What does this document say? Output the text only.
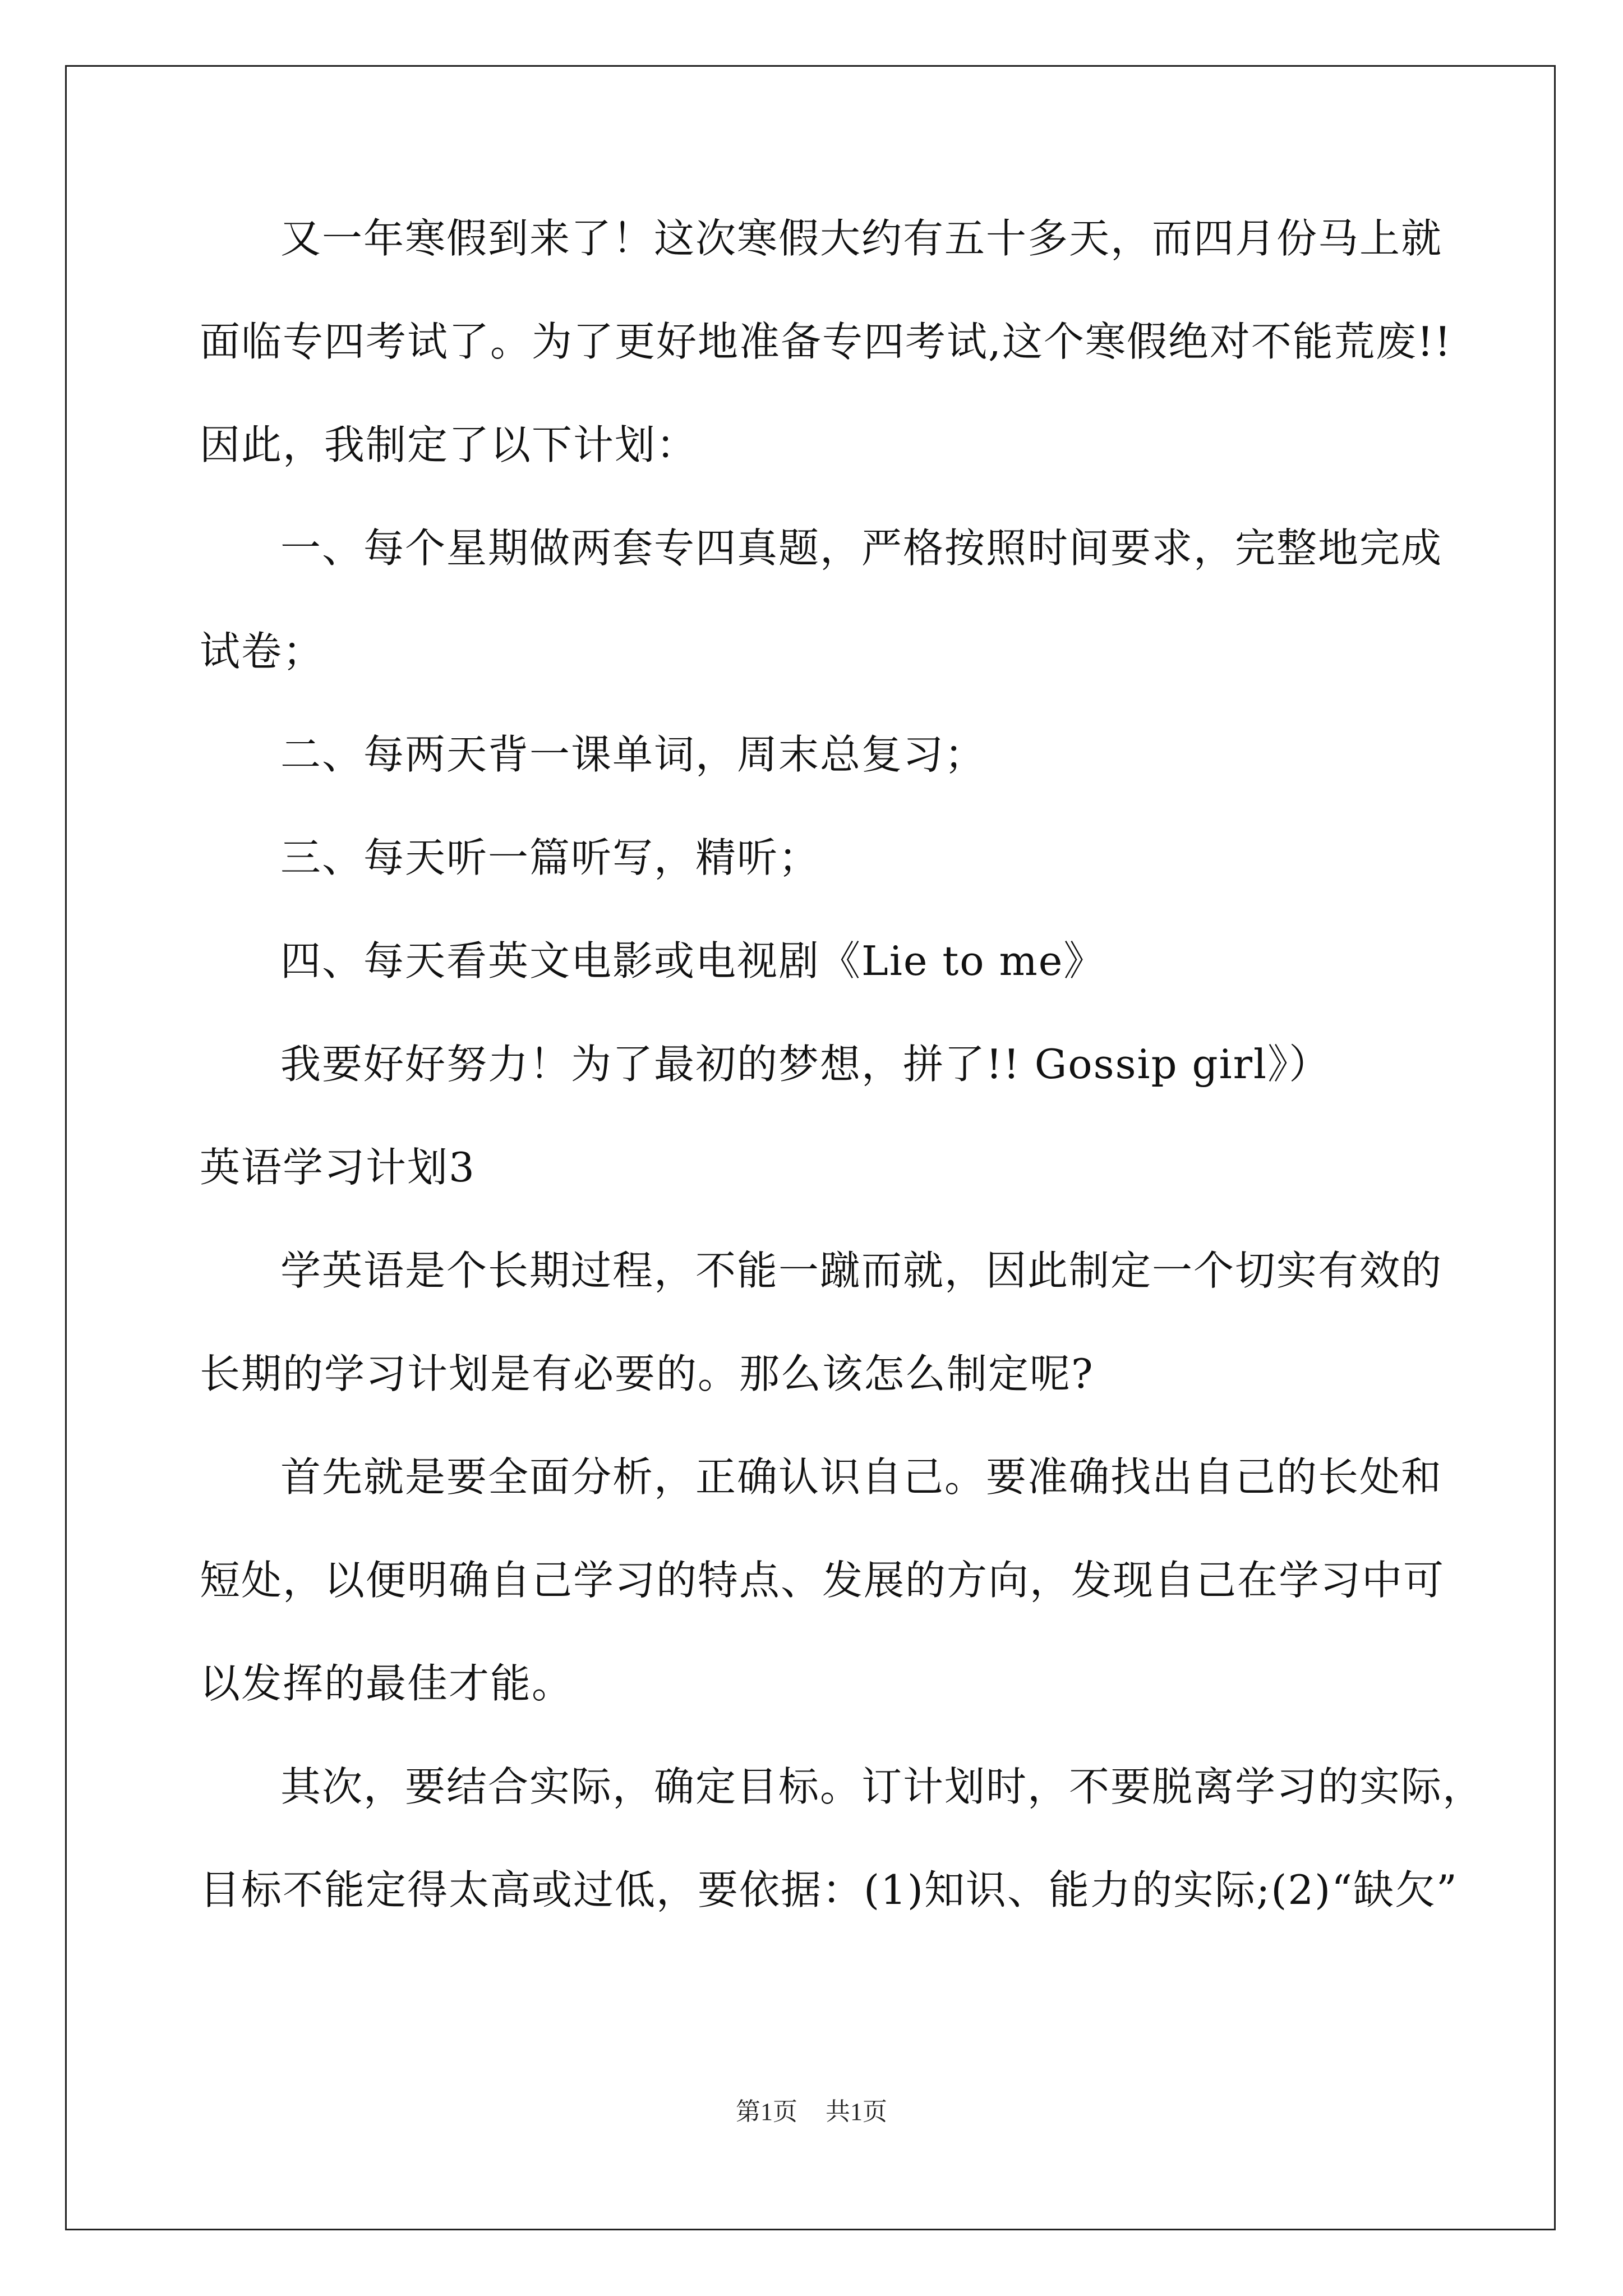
又一年寒假到来了！这次寒假大约有五十多天，而四月份马上就
面临专四考试了。为了更好地准备专四考试,这个寒假绝对不能荒废!!
因此，我制定了以下计划：
一、每个星期做两套专四真题，严格按照时间要求，完整地完成
试卷；
二、每两天背一课单词，周末总复习；
三、每天听一篇听写，精听；
四、每天看英文电影或电视剧《Lie to me》
我要好好努力！为了最初的梦想，拼了!! Gossip girl》）
英语学习计划3
学英语是个长期过程，不能一蹴而就，因此制定一个切实有效的
长期的学习计划是有必要的。那么该怎么制定呢?
首先就是要全面分析，正确认识自己。要准确找出自己的长处和
短处，以便明确自己学习的特点、发展的方向，发现自己在学习中可
以发挥的最佳才能。
其次，要结合实际，确定目标。订计划时，不要脱离学习的实际，
目标不能定得太高或过低，要依据：(1)知识、能力的实际;(2)“缺欠”
第1页 共1页
